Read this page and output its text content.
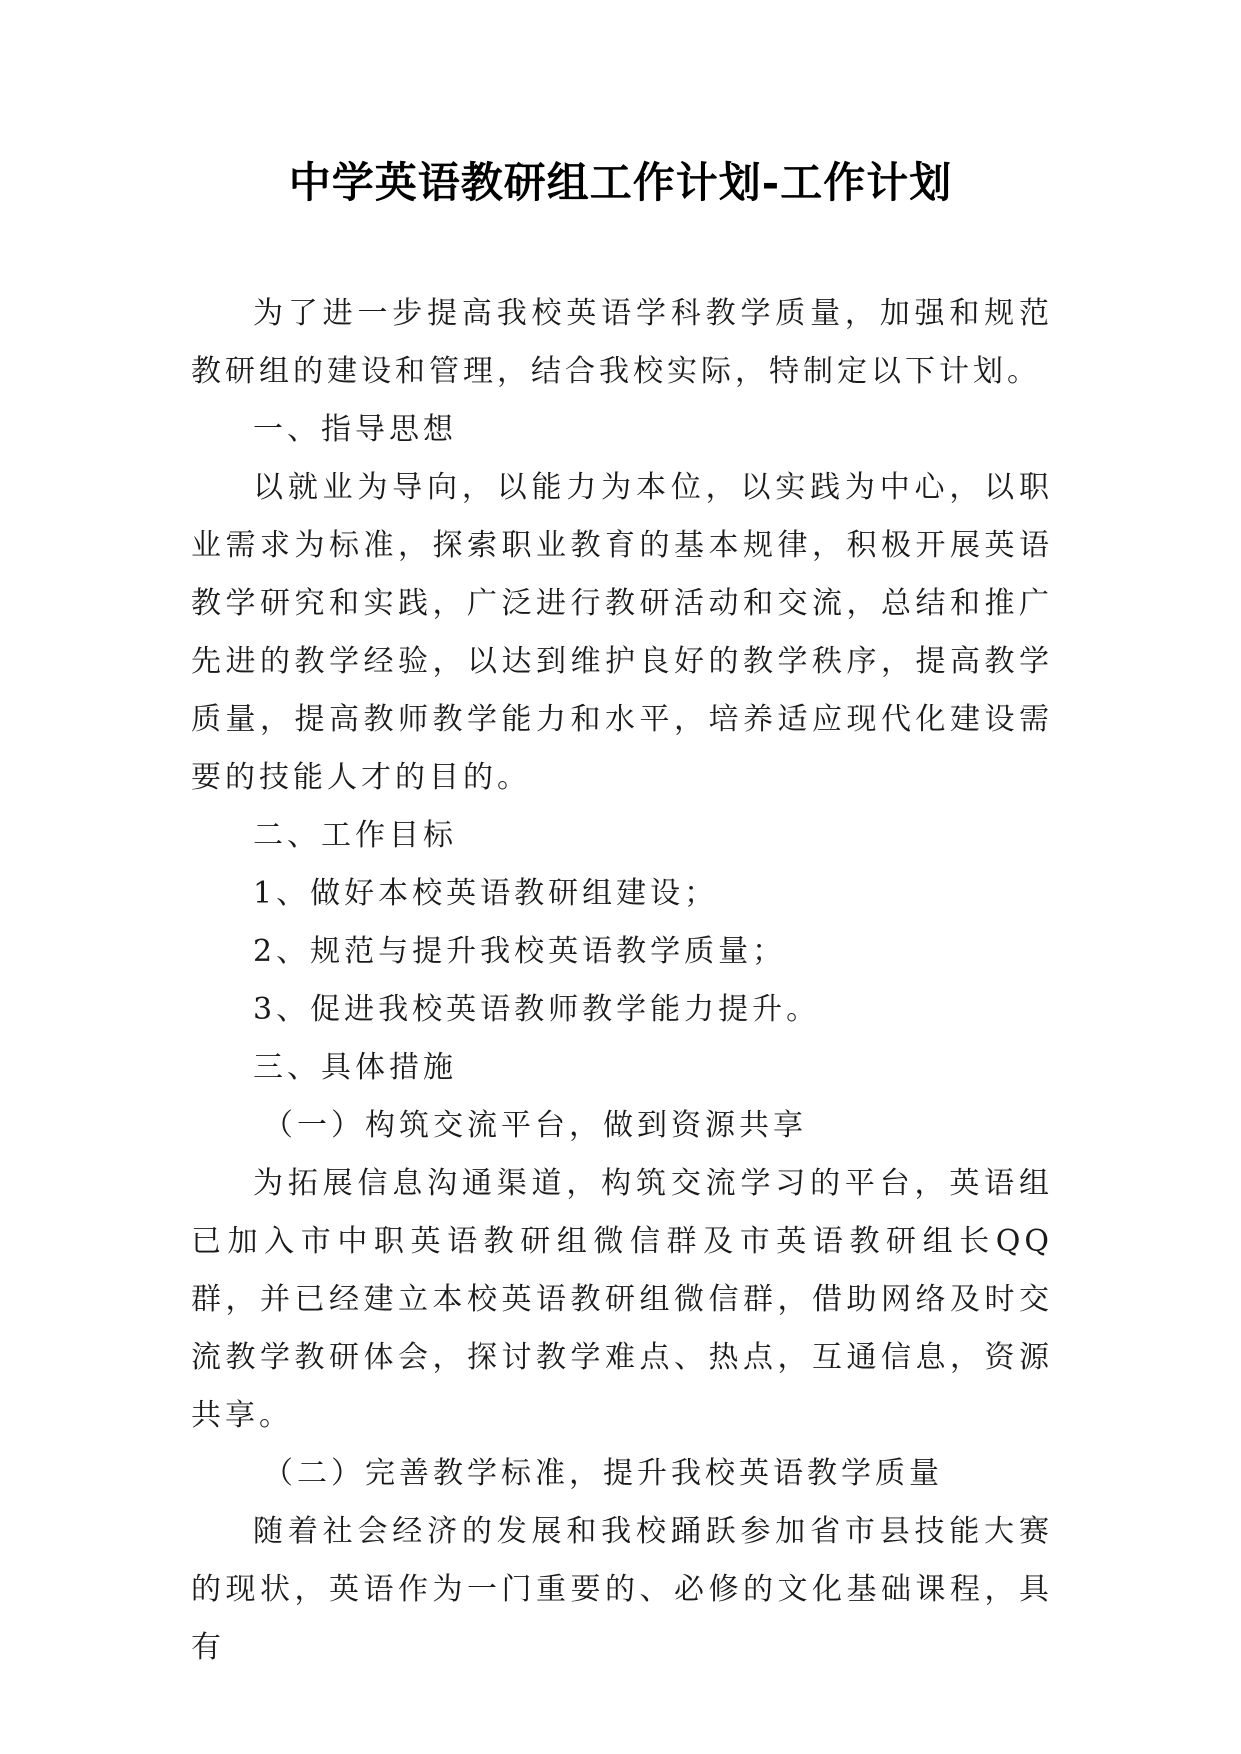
中学英语教研组工作计划-工作计划

为了进一步提高我校英语学科教学质量，加强和规范教研组的建设和管理，结合我校实际，特制定以下计划。

一、指导思想

以就业为导向，以能力为本位，以实践为中心，以职业需求为标准，探索职业教育的基本规律，积极开展英语教学研究和实践，广泛进行教研活动和交流，总结和推广先进的教学经验，以达到维护良好的教学秩序，提高教学质量，提高教师教学能力和水平，培养适应现代化建设需要的技能人才的目的。

二、工作目标

1、做好本校英语教研组建设；

2、规范与提升我校英语教学质量；

3、促进我校英语教师教学能力提升。

三、具体措施

（一）构筑交流平台，做到资源共享

为拓展信息沟通渠道，构筑交流学习的平台，英语组已加入市中职英语教研组微信群及市英语教研组长QQ群，并已经建立本校英语教研组微信群，借助网络及时交流教学教研体会，探讨教学难点、热点，互通信息，资源共享。

（二）完善教学标准，提升我校英语教学质量

随着社会经济的发展和我校踊跃参加省市县技能大赛的现状，英语作为一门重要的、必修的文化基础课程，具有
